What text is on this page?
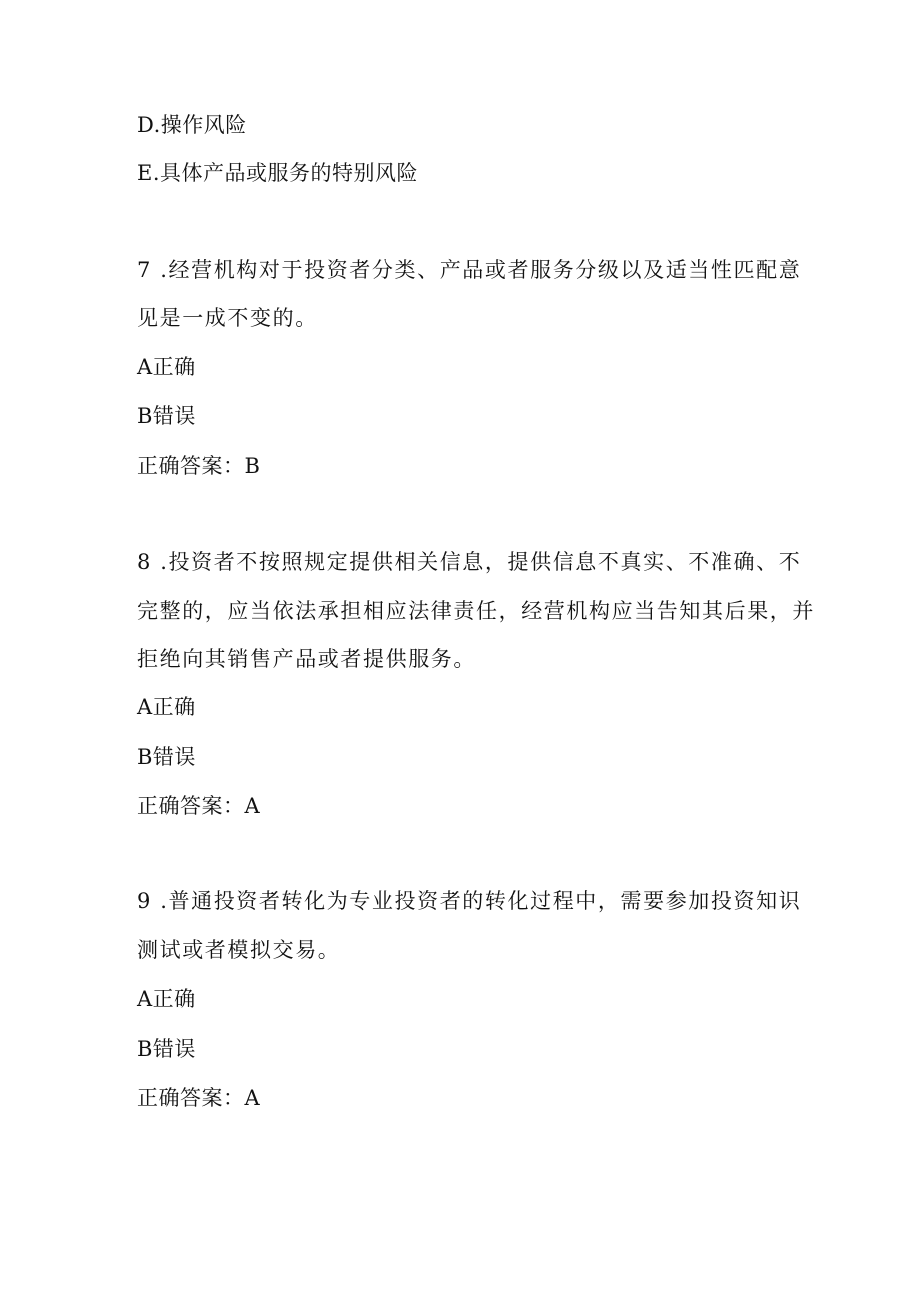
D.操作风险
E.具体产品或服务的特别风险
7 .经营机构对于投资者分类、产品或者服务分级以及适当性匹配意
见是一成不变的。
A正确
B错误
正确答案：B
8 .投资者不按照规定提供相关信息，提供信息不真实、不准确、不
完整的，应当依法承担相应法律责任，经营机构应当告知其后果，并
拒绝向其销售产品或者提供服务。
A正确
B错误
正确答案：A
9 .普通投资者转化为专业投资者的转化过程中，需要参加投资知识
测试或者模拟交易。
A正确
B错误
正确答案：A
